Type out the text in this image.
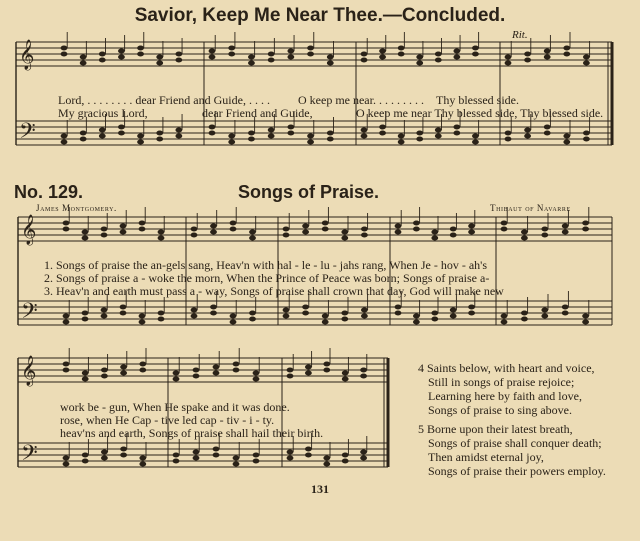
Savior, Keep Me Near Thee.—Concluded.
Rit.
𝄞
𝄢
𝄞
𝄢
𝄞
𝄢
Lord, . . . . . . . . dear Friend and Guide, . . . . O keep me near. . . . . . . . . Thy blessed side.
My gracious Lord,	dear Friend and Guide,	O keep me near Thy blessed side, Thy blessed side.
No. 129.	Songs of Praise.
James Montgomery.	Thibaut of Navarre
1. Songs of praise the an-gels sang, Heav'n with hal - le - lu - jahs rang, When Je - hov - ah's
2. Songs of praise a - woke the morn, When the Prince of Peace was born; Songs of praise a-
3. Heav'n and earth must pass a - way, Songs of praise shall crown that day, God will make new
work be - gun, When He spake and it was done.
rose, when He Cap - tive led cap - tiv - i - ty.
heav'ns and earth, Songs of praise shall hail their birth.
4 Saints below, with heart and voice,
Still in songs of praise rejoice;
Learning here by faith and love,
Songs of praise to sing above.
5 Borne upon their latest breath,
Songs of praise shall conquer death;
Then amidst eternal joy,
Songs of praise their powers employ.
131
